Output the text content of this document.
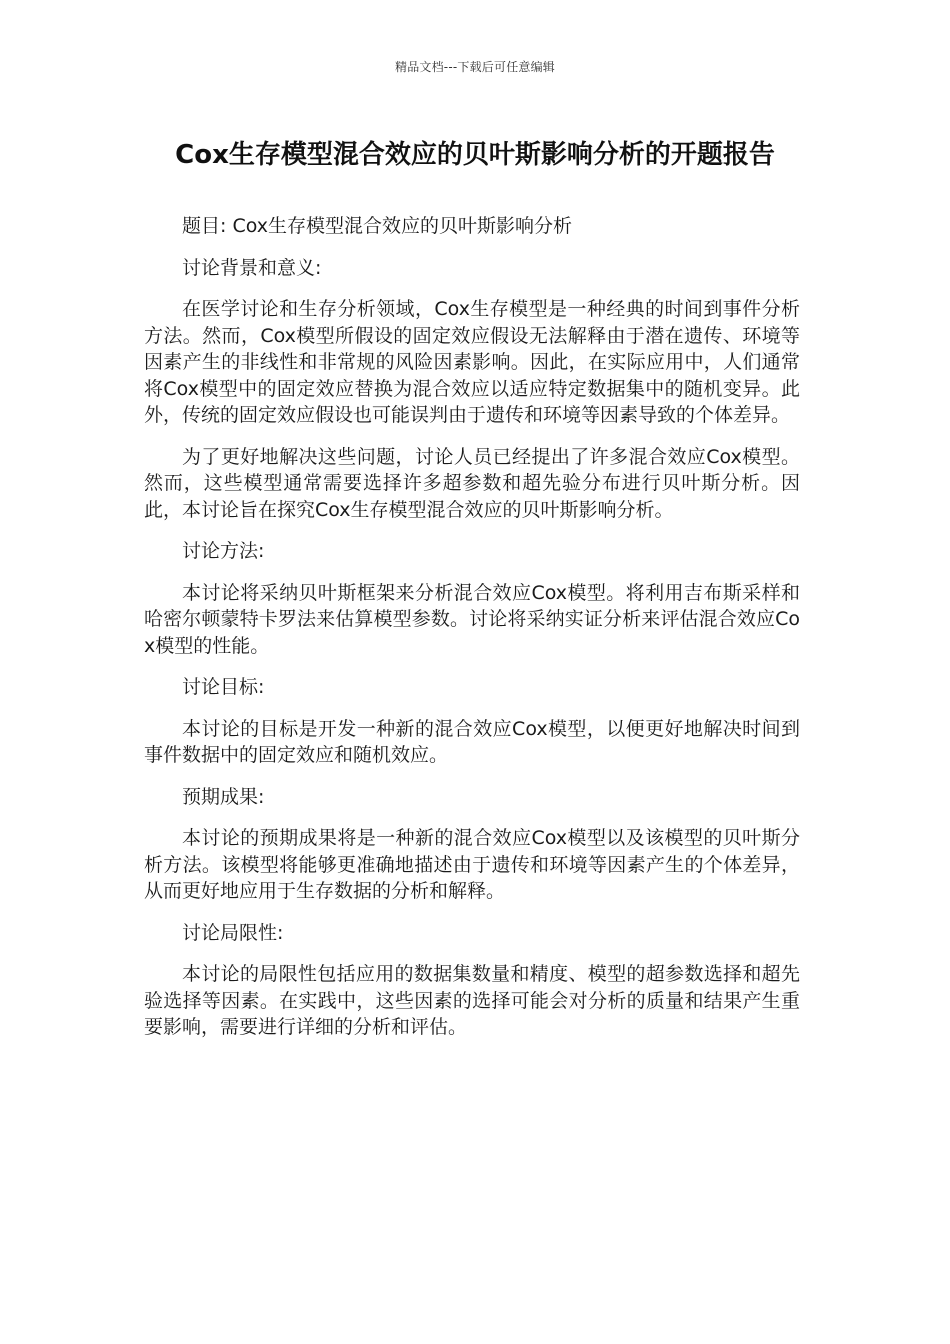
精品文档---下载后可任意编辑
Cox生存模型混合效应的贝叶斯影响分析的开题报告

题目: Cox生存模型混合效应的贝叶斯影响分析

讨论背景和意义:

在医学讨论和生存分析领域，Cox生存模型是一种经典的时间到事件分析方法。然而，Cox模型所假设的固定效应假设无法解释由于潜在遗传、环境等因素产生的非线性和非常规的风险因素影响。因此，在实际应用中，人们通常将Cox模型中的固定效应替换为混合效应以适应特定数据集中的随机变异。此外，传统的固定效应假设也可能误判由于遗传和环境等因素导致的个体差异。

为了更好地解决这些问题，讨论人员已经提出了许多混合效应Cox模型。然而，这些模型通常需要选择许多超参数和超先验分布进行贝叶斯分析。因此，本讨论旨在探究Cox生存模型混合效应的贝叶斯影响分析。

讨论方法:

本讨论将采纳贝叶斯框架来分析混合效应Cox模型。将利用吉布斯采样和哈密尔顿蒙特卡罗法来估算模型参数。讨论将采纳实证分析来评估混合效应Cox模型的性能。

讨论目标:

本讨论的目标是开发一种新的混合效应Cox模型，以便更好地解决时间到事件数据中的固定效应和随机效应。

预期成果:

本讨论的预期成果将是一种新的混合效应Cox模型以及该模型的贝叶斯分析方法。该模型将能够更准确地描述由于遗传和环境等因素产生的个体差异，从而更好地应用于生存数据的分析和解释。

讨论局限性:

本讨论的局限性包括应用的数据集数量和精度、模型的超参数选择和超先验选择等因素。在实践中，这些因素的选择可能会对分析的质量和结果产生重要影响，需要进行详细的分析和评估。
